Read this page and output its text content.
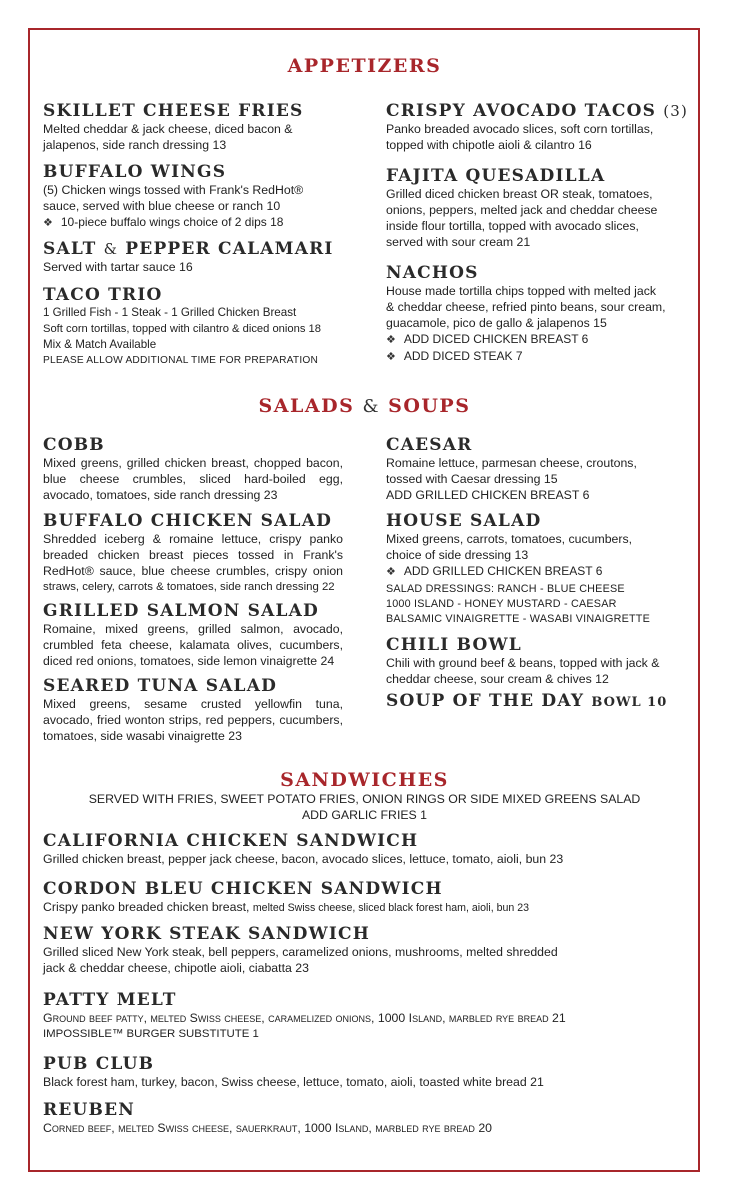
APPETIZERS
SKILLET CHEESE FRIES
Melted cheddar & jack cheese, diced bacon &
jalapenos, side ranch dressing 13
BUFFALO WINGS
(5) Chicken wings tossed with Frank's RedHot®
sauce, served with blue cheese or ranch 10
❖ 10-piece buffalo wings choice of 2 dips 18
SALT & PEPPER CALAMARI
Served with tartar sauce 16
TACO TRIO
1 Grilled Fish - 1 Steak - 1 Grilled Chicken Breast
Soft corn tortillas, topped with cilantro & diced onions 18
Mix & Match Available
PLEASE ALLOW ADDITIONAL TIME FOR PREPARATION
CRISPY AVOCADO TACOS (3)
Panko breaded avocado slices, soft corn tortillas,
topped with chipotle aioli & cilantro 16
FAJITA QUESADILLA
Grilled diced chicken breast OR steak, tomatoes,
onions, peppers, melted jack and cheddar cheese
inside flour tortilla, topped with avocado slices,
served with sour cream 21
NACHOS
House made tortilla chips topped with melted jack
& cheddar cheese, refried pinto beans, sour cream,
guacamole, pico de gallo & jalapenos 15
❖ ADD DICED CHICKEN BREAST 6
❖ ADD DICED STEAK 7
SALADS & SOUPS
COBB
Mixed greens, grilled chicken breast, chopped bacon, blue cheese crumbles, sliced hard-boiled egg, avocado, tomatoes, side ranch dressing 23
BUFFALO CHICKEN SALAD
Shredded iceberg & romaine lettuce, crispy panko breaded chicken breast pieces tossed in Frank's RedHot® sauce, blue cheese crumbles, crispy onion
straws, celery, carrots & tomatoes, side ranch dressing 22
GRILLED SALMON SALAD
Romaine, mixed greens, grilled salmon, avocado, crumbled feta cheese, kalamata olives, cucumbers, diced red onions, tomatoes, side lemon vinaigrette 24
SEARED TUNA SALAD
Mixed greens, sesame crusted yellowfin tuna, avocado, fried wonton strips, red peppers, cucumbers, tomatoes, side wasabi vinaigrette 23
CAESAR
Romaine lettuce, parmesan cheese, croutons,
tossed with Caesar dressing 15
ADD GRILLED CHICKEN BREAST 6
HOUSE SALAD
Mixed greens, carrots, tomatoes, cucumbers,
choice of side dressing 13
❖ ADD GRILLED CHICKEN BREAST 6
SALAD DRESSINGS: RANCH - BLUE CHEESE
1000 ISLAND - HONEY MUSTARD - CAESAR
BALSAMIC VINAIGRETTE - WASABI VINAIGRETTE
CHILI BOWL
Chili with ground beef & beans, topped with jack &
cheddar cheese, sour cream & chives 12
SOUP OF THE DAY BOWL 10
SANDWICHES
SERVED WITH FRIES, SWEET POTATO FRIES, ONION RINGS OR SIDE MIXED GREENS SALAD
ADD GARLIC FRIES 1
CALIFORNIA CHICKEN SANDWICH
Grilled chicken breast, pepper jack cheese, bacon, avocado slices, lettuce, tomato, aioli, bun 23
CORDON BLEU CHICKEN SANDWICH
Crispy panko breaded chicken breast, melted Swiss cheese, sliced black forest ham, aioli, bun 23
NEW YORK STEAK SANDWICH
Grilled sliced New York steak, bell peppers, caramelized onions, mushrooms, melted shredded
jack & cheddar cheese, chipotle aioli, ciabatta 23
PATTY MELT
Ground beef patty, melted Swiss cheese, caramelized onions, 1000 Island, marbled rye bread 21
IMPOSSIBLE™ BURGER SUBSTITUTE 1
PUB CLUB
Black forest ham, turkey, bacon, Swiss cheese, lettuce, tomato, aioli, toasted white bread 21
REUBEN
Corned beef, melted Swiss cheese, sauerkraut, 1000 Island, marbled rye bread 20
